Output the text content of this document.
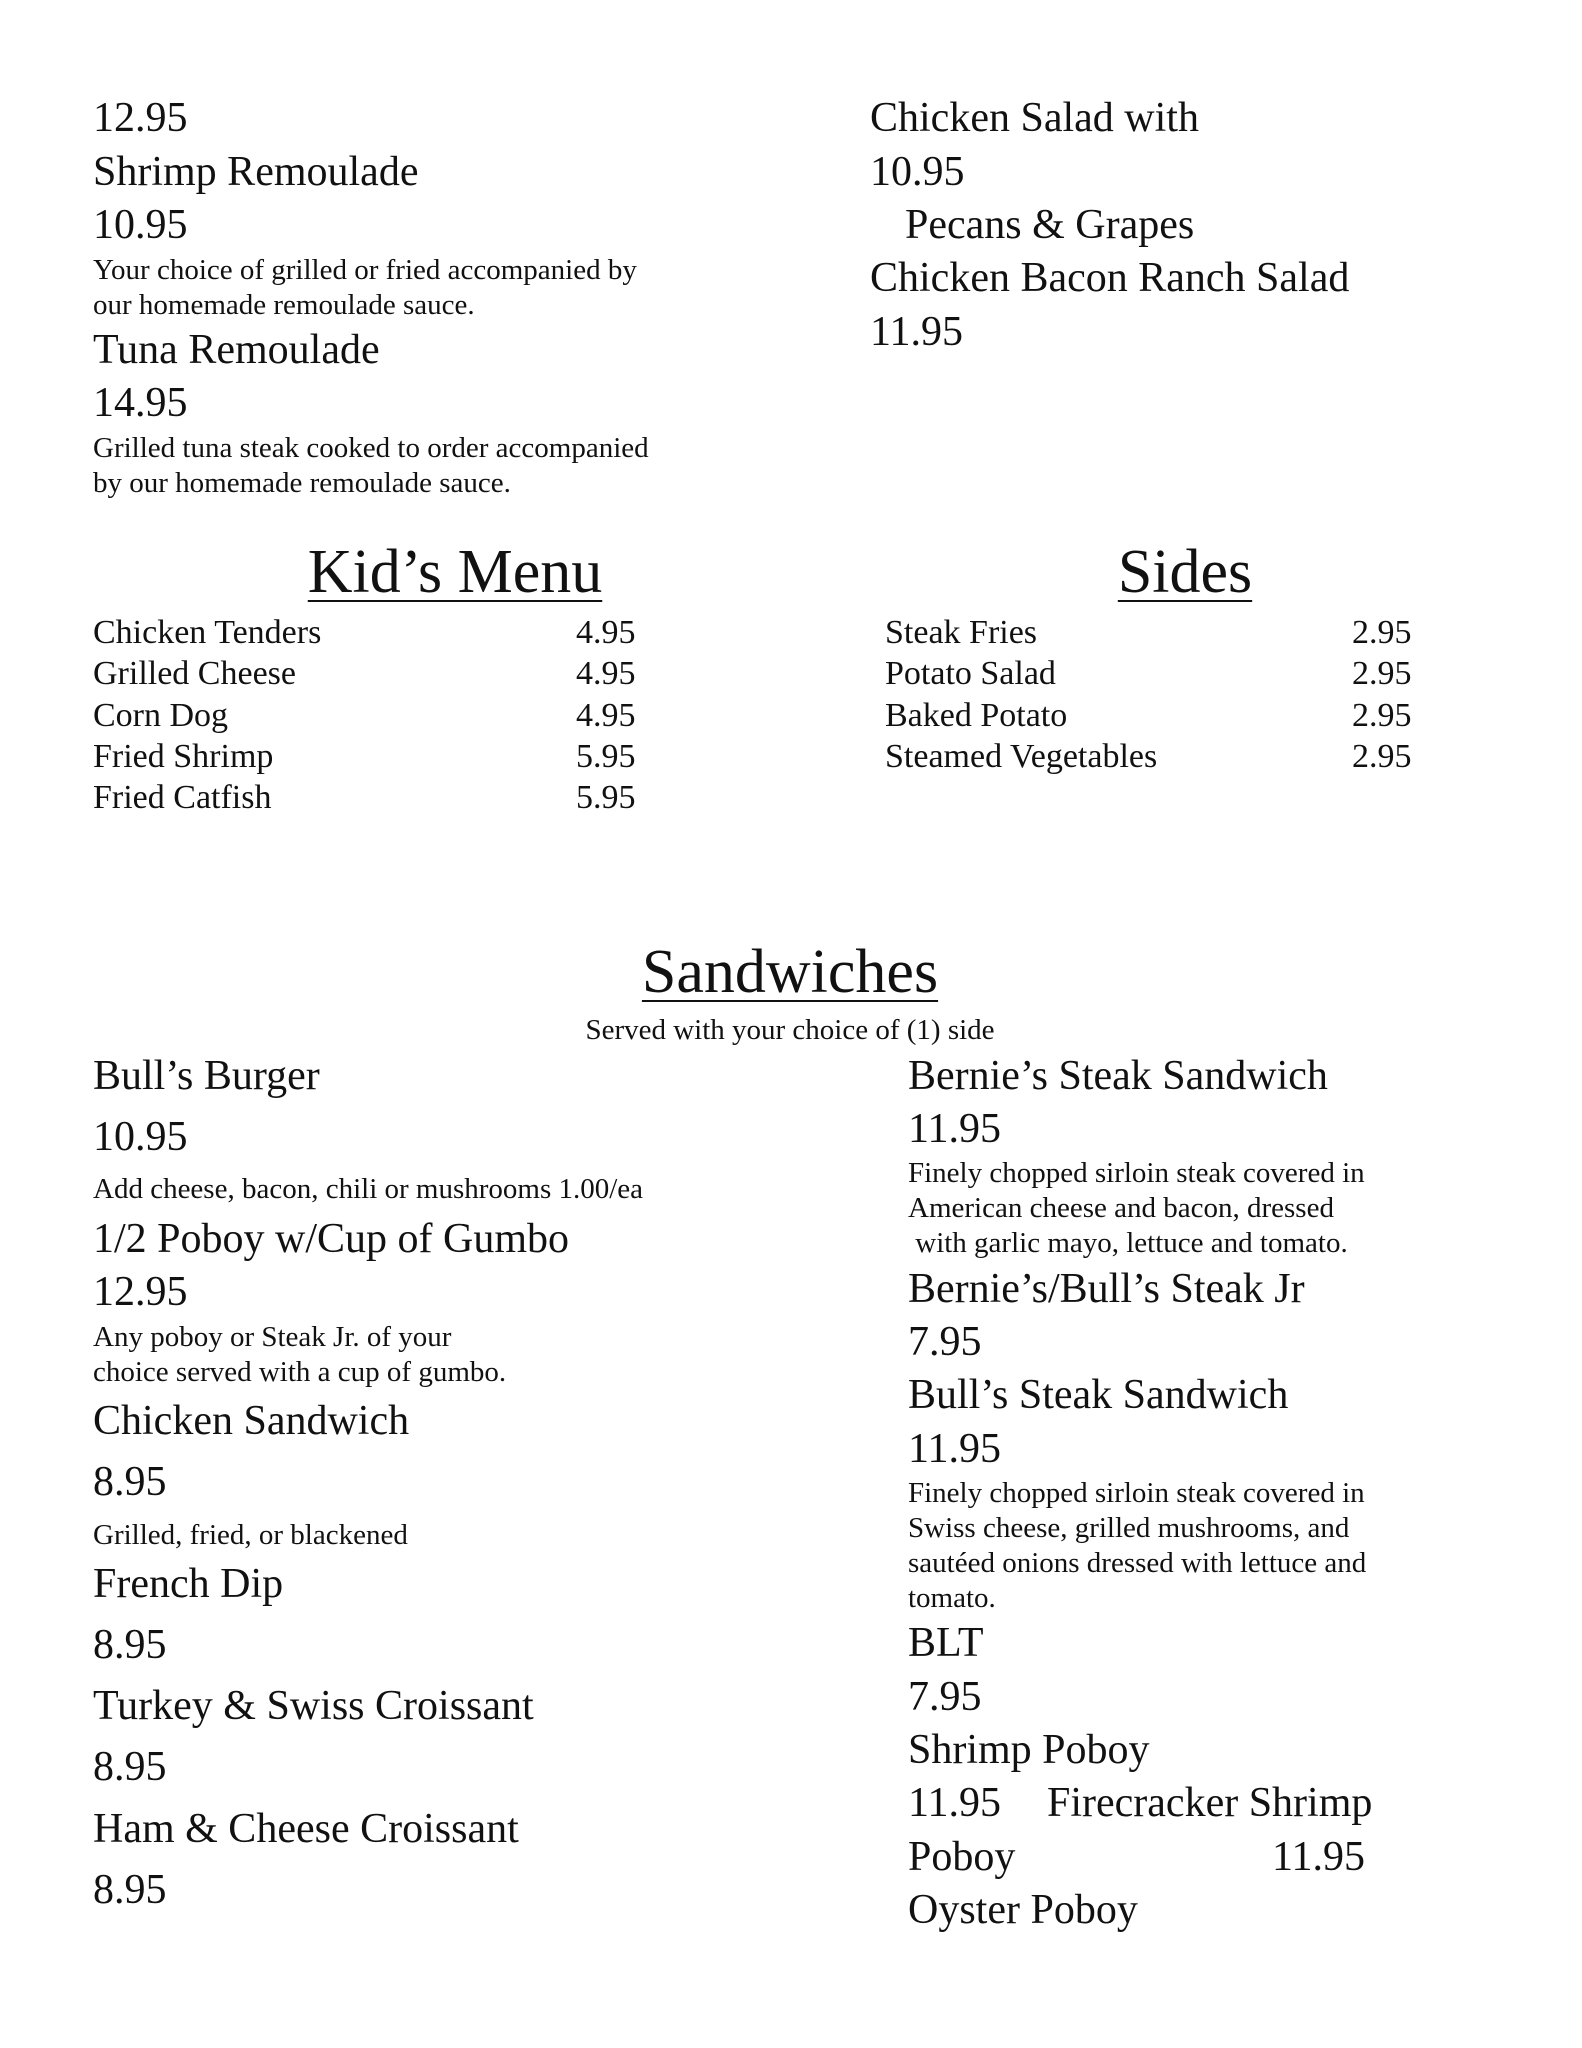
12.95
Shrimp Remoulade
10.95
Your choice of grilled or fried accompanied by
our homemade remoulade sauce.
Tuna Remoulade
14.95
Grilled tuna steak cooked to order accompanied
by our homemade remoulade sauce.
Chicken Salad with
10.95
Pecans & Grapes
Chicken Bacon Ranch Salad
11.95
Kid’s Menu
Chicken Tenders	4.95
Grilled Cheese	4.95
Corn Dog	4.95
Fried Shrimp	5.95
Fried Catfish	5.95
Sides
Steak Fries	2.95
Potato Salad	2.95
Baked Potato	2.95
Steamed Vegetables	2.95
Sandwiches
Served with your choice of (1) side
Bull’s Burger
10.95
Add cheese, bacon, chili or mushrooms 1.00/ea
1/2 Poboy w/Cup of Gumbo
12.95
Any poboy or Steak Jr. of your
choice served with a cup of gumbo.
Chicken Sandwich
8.95
Grilled, fried, or blackened
French Dip
8.95
Turkey & Swiss Croissant
8.95
Ham & Cheese Croissant
8.95
Bernie’s Steak Sandwich
11.95
Finely chopped sirloin steak covered in
American cheese and bacon, dressed
with garlic mayo, lettuce and tomato.
Bernie’s/Bull’s Steak Jr
7.95
Bull’s Steak Sandwich
11.95
Finely chopped sirloin steak covered in
Swiss cheese, grilled mushrooms, and
sautéed onions dressed with lettuce and
tomato.
BLT
7.95
Shrimp Poboy
11.95 Firecracker Shrimp
Poboy	11.95
Oyster Poboy
